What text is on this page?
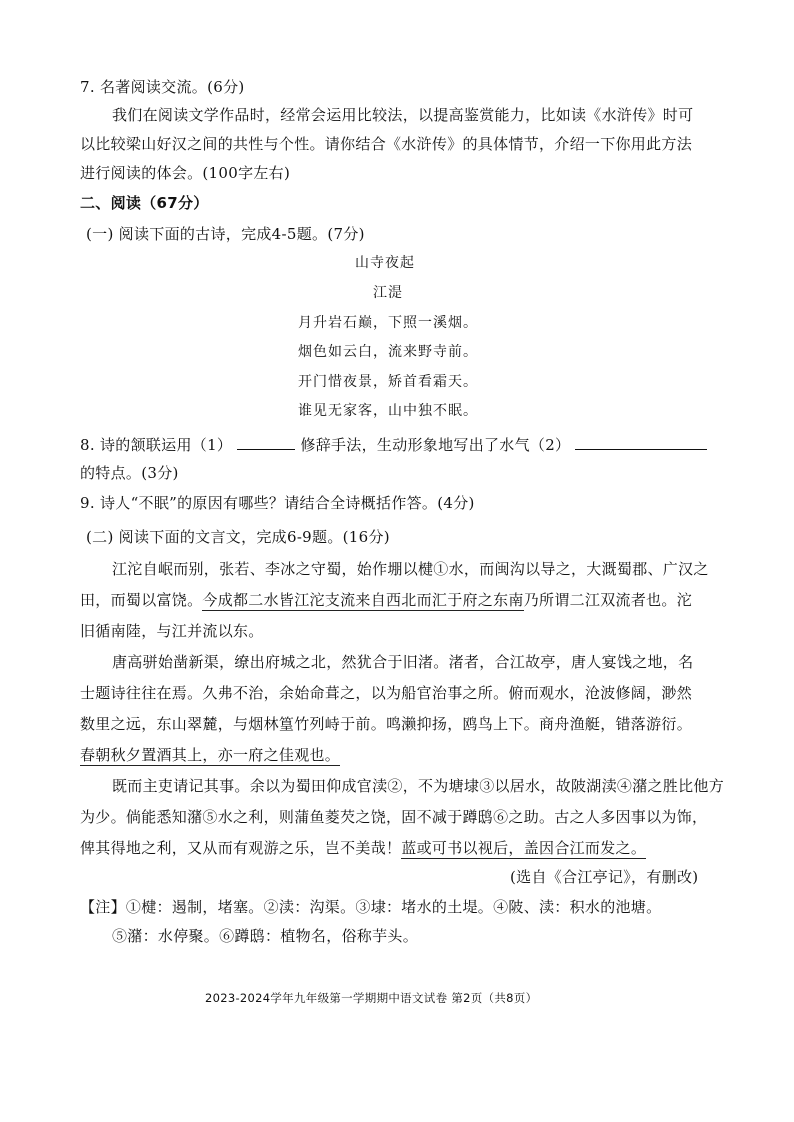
7. 名著阅读交流。(6分)
我们在阅读文学作品时，经常会运用比较法，以提高鉴赏能力，比如读《水浒传》时可
以比较梁山好汉之间的共性与个性。请你结合《水浒传》的具体情节，介绍一下你用此方法
进行阅读的体会。(100字左右)
二、阅读（67分）
(一) 阅读下面的古诗，完成4-5题。(7分)
山寺夜起
江湜
月升岩石巅，下照一溪烟。
烟色如云白，流来野寺前。
开门惜夜景，矫首看霜天。
谁见无家客，山中独不眠。
8. 诗的颔联运用（1）	修辞手法，生动形象地写出了水气（2）
的特点。(3分)
9. 诗人“不眠”的原因有哪些？请结合全诗概括作答。(4分)
(二) 阅读下面的文言文，完成6-9题。(16分)
江沱自岷而别，张若、李冰之守蜀，始作堋以楗①水，而闽沟以导之，大溉蜀郡、广汉之
田，而蜀以富饶。今成都二水皆江沱支流来自西北而汇于府之东南乃所谓二江双流者也。沱
旧循南陸，与江并流以东。
唐高骈始凿新渠，缭出府城之北，然犹合于旧渚。渚者，合江故亭，唐人宴饯之地，名
士题诗往往在焉。久弗不治，余始命葺之，以为船官治事之所。俯而观水，沧波修阔，渺然
数里之远，东山翠麓，与烟林篁竹列峙于前。鸣濑抑扬，鸥鸟上下。商舟渔艇，错落游衍。
春朝秋夕置酒其上，亦一府之佳观也。
既而主吏请记其事。余以为蜀田仰成官渎②，不为塘埭③以居水，故陂湖渎④潴之胜比他方
为少。倘能悉知潴⑤水之利，则蒲鱼菱芡之饶，固不减于蹲鸱⑥之助。古之人多因事以为饰，
俾其得地之利，又从而有观游之乐，岂不美哉！蓝或可书以视后，盖因合江而发之。
(选自《合江亭记》，有删改)
【注】①楗：遏制，堵塞。②渎：沟渠。③埭：堵水的土堤。④陂、渎：积水的池塘。
⑤潴：水停聚。⑥蹲鸱：植物名，俗称芋头。
2023-2024学年九年级第一学期期中语文试卷 第2页（共8页）
